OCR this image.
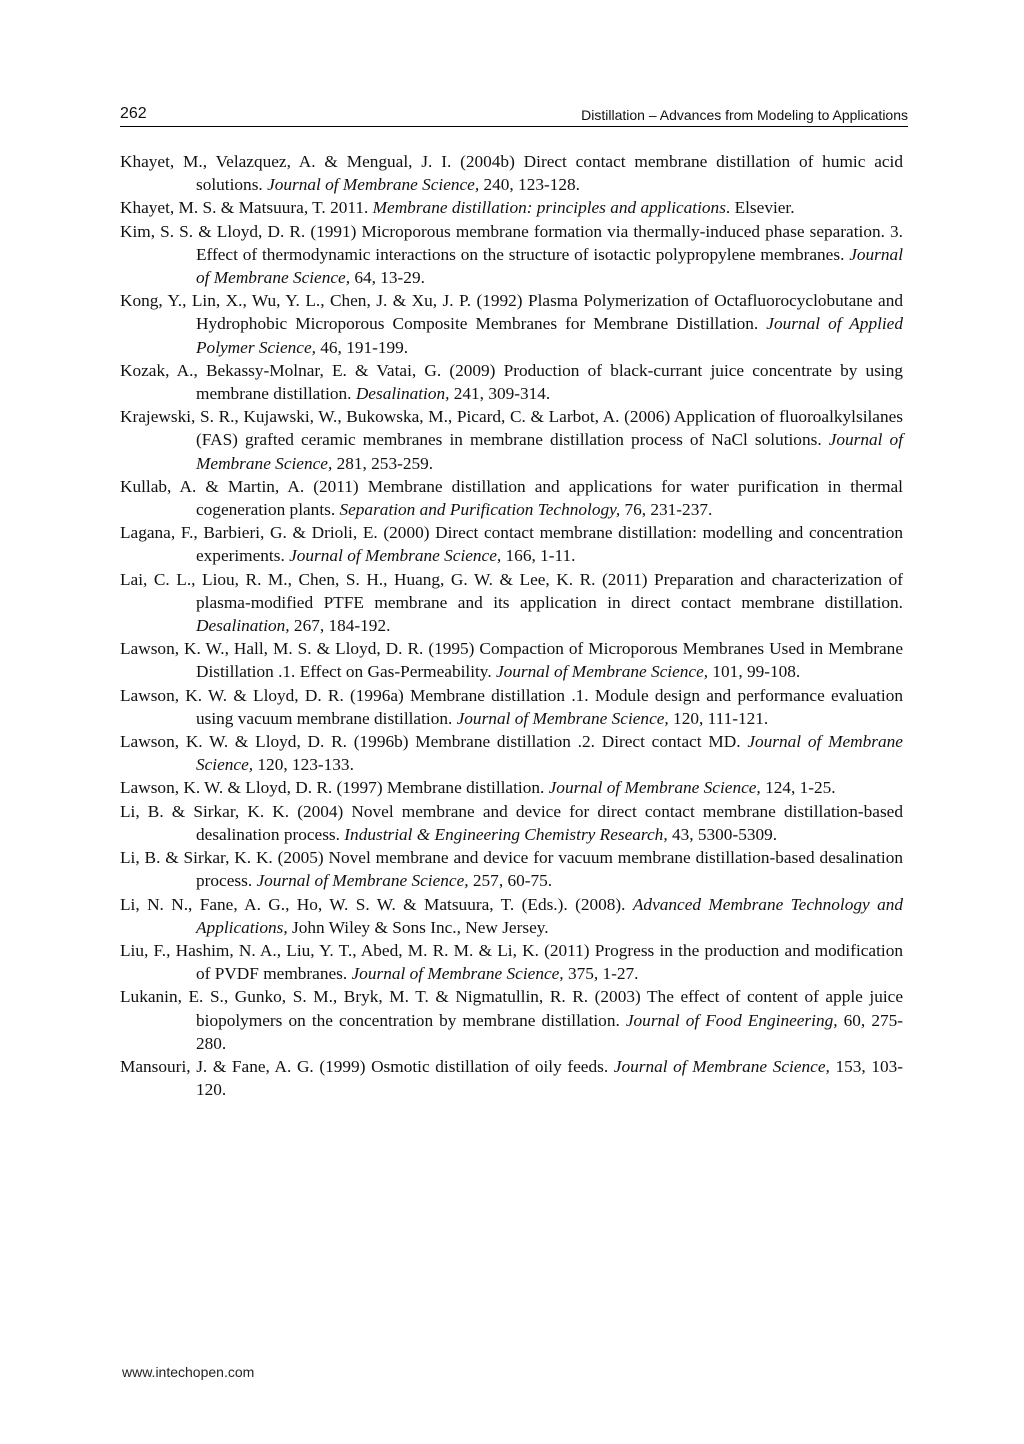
262	Distillation – Advances from Modeling to Applications

Khayet, M., Velazquez, A. & Mengual, J. I. (2004b) Direct contact membrane distillation of humic acid solutions. Journal of Membrane Science, 240, 123-128.

Khayet, M. S. & Matsuura, T. 2011. Membrane distillation: principles and applications. Elsevier.

Kim, S. S. & Lloyd, D. R. (1991) Microporous membrane formation via thermally-induced phase separation. 3. Effect of thermodynamic interactions on the structure of isotactic polypropylene membranes. Journal of Membrane Science, 64, 13-29.

Kong, Y., Lin, X., Wu, Y. L., Chen, J. & Xu, J. P. (1992) Plasma Polymerization of Octafluorocyclobutane and Hydrophobic Microporous Composite Membranes for Membrane Distillation. Journal of Applied Polymer Science, 46, 191-199.

Kozak, A., Bekassy-Molnar, E. & Vatai, G. (2009) Production of black-currant juice concentrate by using membrane distillation. Desalination, 241, 309-314.

Krajewski, S. R., Kujawski, W., Bukowska, M., Picard, C. & Larbot, A. (2006) Application of fluoroalkylsilanes (FAS) grafted ceramic membranes in membrane distillation process of NaCl solutions. Journal of Membrane Science, 281, 253-259.

Kullab, A. & Martin, A. (2011) Membrane distillation and applications for water purification in thermal cogeneration plants. Separation and Purification Technology, 76, 231-237.

Lagana, F., Barbieri, G. & Drioli, E. (2000) Direct contact membrane distillation: modelling and concentration experiments. Journal of Membrane Science, 166, 1-11.

Lai, C. L., Liou, R. M., Chen, S. H., Huang, G. W. & Lee, K. R. (2011) Preparation and characterization of plasma-modified PTFE membrane and its application in direct contact membrane distillation. Desalination, 267, 184-192.

Lawson, K. W., Hall, M. S. & Lloyd, D. R. (1995) Compaction of Microporous Membranes Used in Membrane Distillation .1. Effect on Gas-Permeability. Journal of Membrane Science, 101, 99-108.

Lawson, K. W. & Lloyd, D. R. (1996a) Membrane distillation .1. Module design and performance evaluation using vacuum membrane distillation. Journal of Membrane Science, 120, 111-121.

Lawson, K. W. & Lloyd, D. R. (1996b) Membrane distillation .2. Direct contact MD. Journal of Membrane Science, 120, 123-133.

Lawson, K. W. & Lloyd, D. R. (1997) Membrane distillation. Journal of Membrane Science, 124, 1-25.

Li, B. & Sirkar, K. K. (2004) Novel membrane and device for direct contact membrane distillation-based desalination process. Industrial & Engineering Chemistry Research, 43, 5300-5309.

Li, B. & Sirkar, K. K. (2005) Novel membrane and device for vacuum membrane distillation-based desalination process. Journal of Membrane Science, 257, 60-75.

Li, N. N., Fane, A. G., Ho, W. S. W. & Matsuura, T. (Eds.). (2008). Advanced Membrane Technology and Applications, John Wiley & Sons Inc., New Jersey.

Liu, F., Hashim, N. A., Liu, Y. T., Abed, M. R. M. & Li, K. (2011) Progress in the production and modification of PVDF membranes. Journal of Membrane Science, 375, 1-27.

Lukanin, E. S., Gunko, S. M., Bryk, M. T. & Nigmatullin, R. R. (2003) The effect of content of apple juice biopolymers on the concentration by membrane distillation. Journal of Food Engineering, 60, 275-280.

Mansouri, J. & Fane, A. G. (1999) Osmotic distillation of oily feeds. Journal of Membrane Science, 153, 103-120.

www.intechopen.com
